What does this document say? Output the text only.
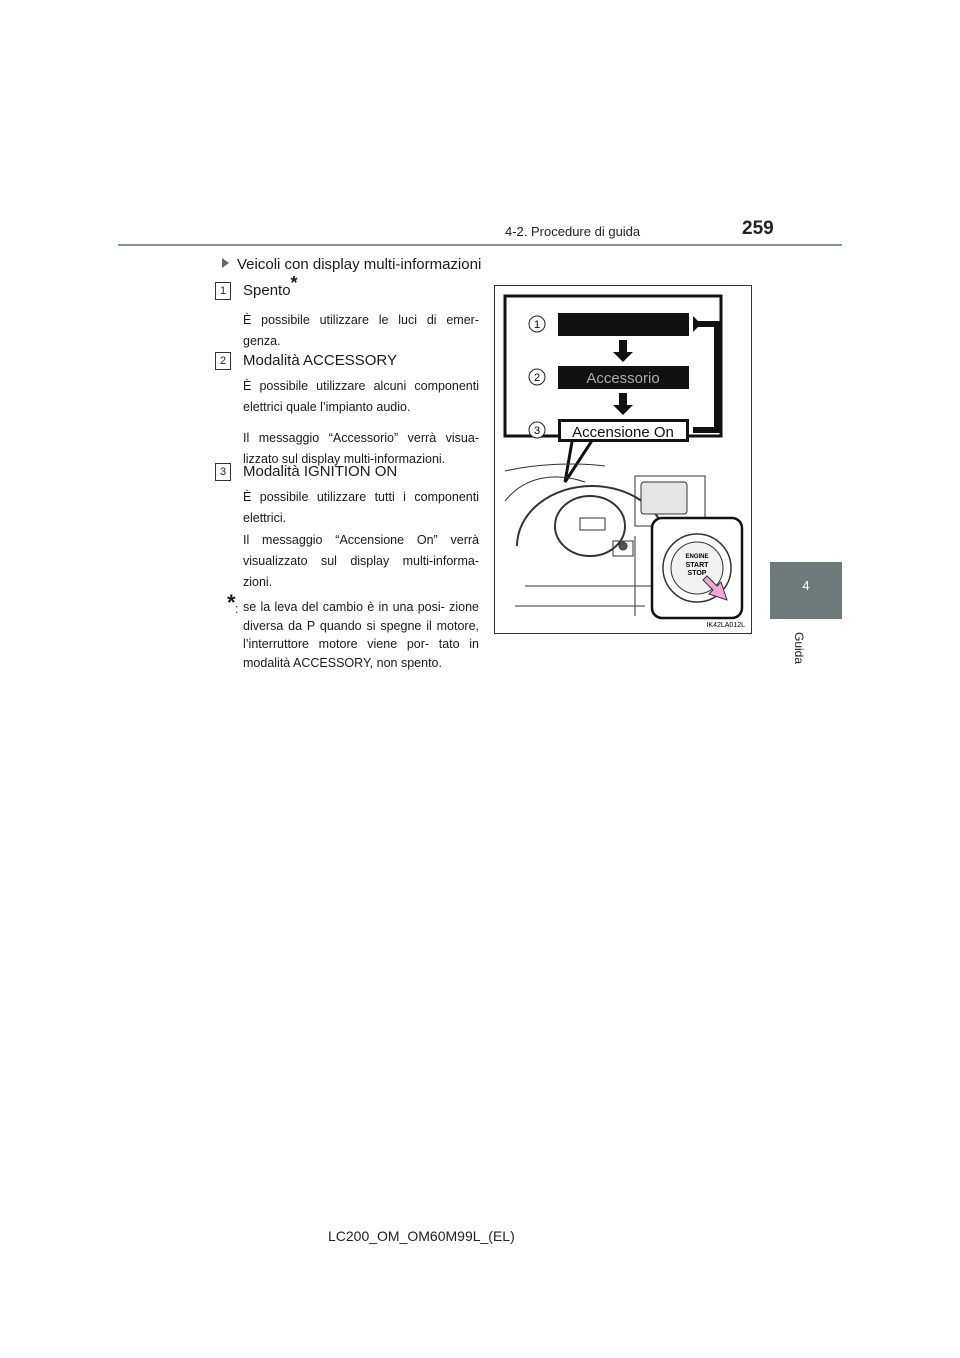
4-2. Procedure di guida	259
4
Guida
Veicoli con display multi-informazioni
1	Spento*
È possibile utilizzare le luci di emer- genza.
2	Modalità ACCESSORY
È possibile utilizzare alcuni componenti elettrici quale l’impianto audio.
Il messaggio “Accessorio” verrà visua- lizzato sul display multi-informazioni.
3	Modalità IGNITION ON
È possibile utilizzare tutti i componenti elettrici.
Il messaggio “Accensione On” verrà visualizzato sul display multi-informa- zioni.
* : se la leva del cambio è in una posi- zione diversa da P quando si spegne il motore, l’interruttore motore viene por- tato in modalità ACCESSORY, non spento.
1
2
3
Accessorio
Accensione On
ENGINE
START
STOP
IK42LA012L
LC200_OM_OM60M99L_(EL)
